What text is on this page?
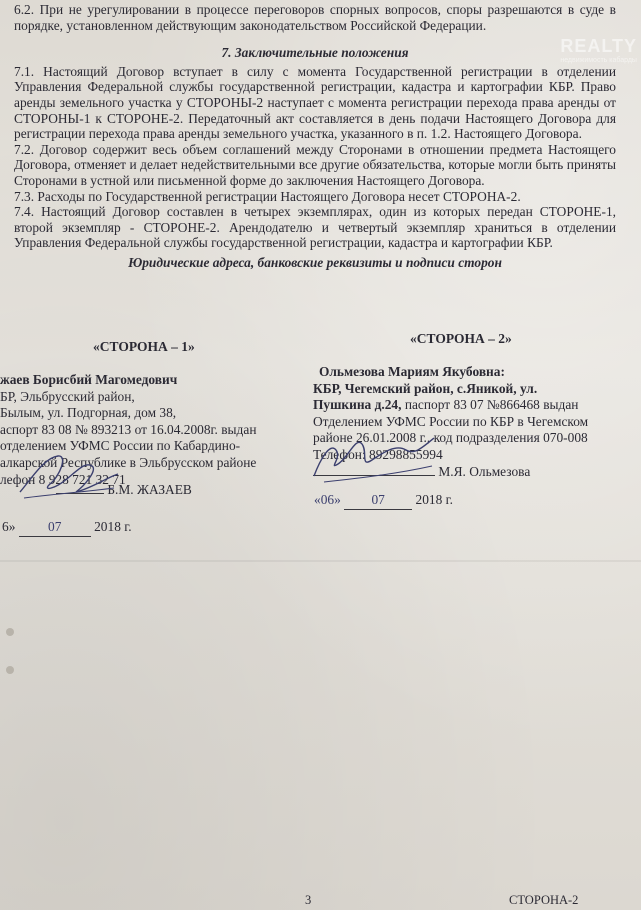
REALTY
недвижимость кабарды

6.2. При не урегулировании в процессе переговоров спорных вопросов, споры разрешаются в суде в порядке, установленном действующим законодательством Российской Федерации.

7. Заключительные положения

7.1. Настоящий Договор вступает в силу с момента Государственной регистрации в отделении Управления Федеральной службы государственной регистрации, кадастра и картографии КБР. Право аренды земельного участка у СТОРОНЫ-2 наступает с момента регистрации перехода права аренды от СТОРОНЫ-1 к СТОРОНЕ-2. Передаточный акт составляется в день подачи Настоящего Договора для регистрации перехода права аренды земельного участка, указанного в п. 1.2. Настоящего Договора.

7.2. Договор содержит весь объем соглашений между Сторонами в отношении предмета Настоящего Договора, отменяет и делает недействительными все другие обязательства, которые могли быть приняты Сторонами в устной или письменной форме до заключения Настоящего Договора.

7.3. Расходы по Государственной регистрации Настоящего Договора несет СТОРОНА-2.

7.4. Настоящий Договор составлен в четырех экземплярах, один из которых передан СТОРОНЕ-1, второй экземпляр - СТОРОНЕ-2. Арендодателю и четвертый экземпляр храниться в отделении Управления Федеральной службы государственной регистрации, кадастра и картографии КБР.

Юридические адреса, банковские реквизиты и подписи сторон

«СТОРОНА – 1»
жаев Борисбий Магомедович
БР, Эльбрусский район,
Былым, ул. Подгорная, дом 38,
аспорт 83 08 № 893213 от 16.04.2008г. выдан
отделением УФМС России по Кабардино-
алкарской Республике в Эльбрусском районе
лефон 8 928 721 32 71
Б.М. ЖАЗАЕВ
6» 07 2018 г.
«СТОРОНА – 2»
Ольмезова Мариям Якубовна:
КБР, Чегемский район, с.Яникой, ул.
Пушкина д.24, паспорт 83 07 №866468 выдан
Отделением УФМС России по КБР в Чегемском
районе 26.01.2008 г., код подразделения 070-008
Телефон: 89298855994
М.Я. Ольмезова
«06» 07 2018 г.
3	СТОРОНА-2
